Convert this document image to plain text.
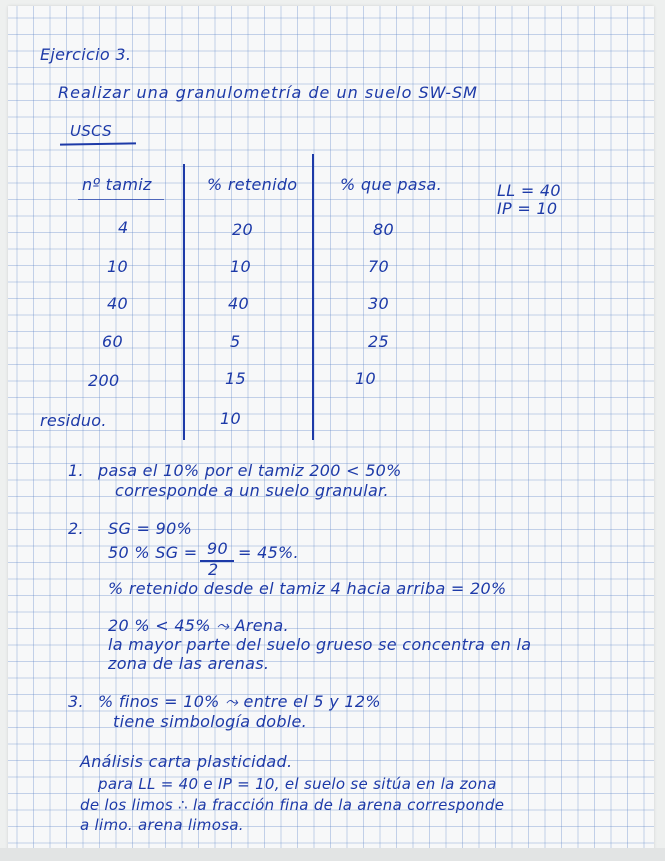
Ejercicio 3.
Realizar una granulometría de un suelo SW-SM
USCS
nº tamiz	% retenido	% que pasa.	LL = 40
IP = 10
4	20	80
10	10	70
40	40	30
60	5	25
200	15	10
residuo.	10
1. pasa el 10% por el tamiz 200 < 50%
corresponde a un suelo granular.
2. SG = 90%
50 % SG = 90
2
= 45%.
% retenido desde el tamiz 4 hacia arriba = 20%
20 % < 45% ⤳ Arena.
la mayor parte del suelo grueso se concentra en la
zona de las arenas.
3. % finos = 10% ⤳ entre el 5 y 12%
tiene simbología doble.
Análisis carta plasticidad.
para LL = 40 e IP = 10, el suelo se sitúa en la zona
de los limos ∴ la fracción fina de la arena corresponde
a limo. arena limosa.
